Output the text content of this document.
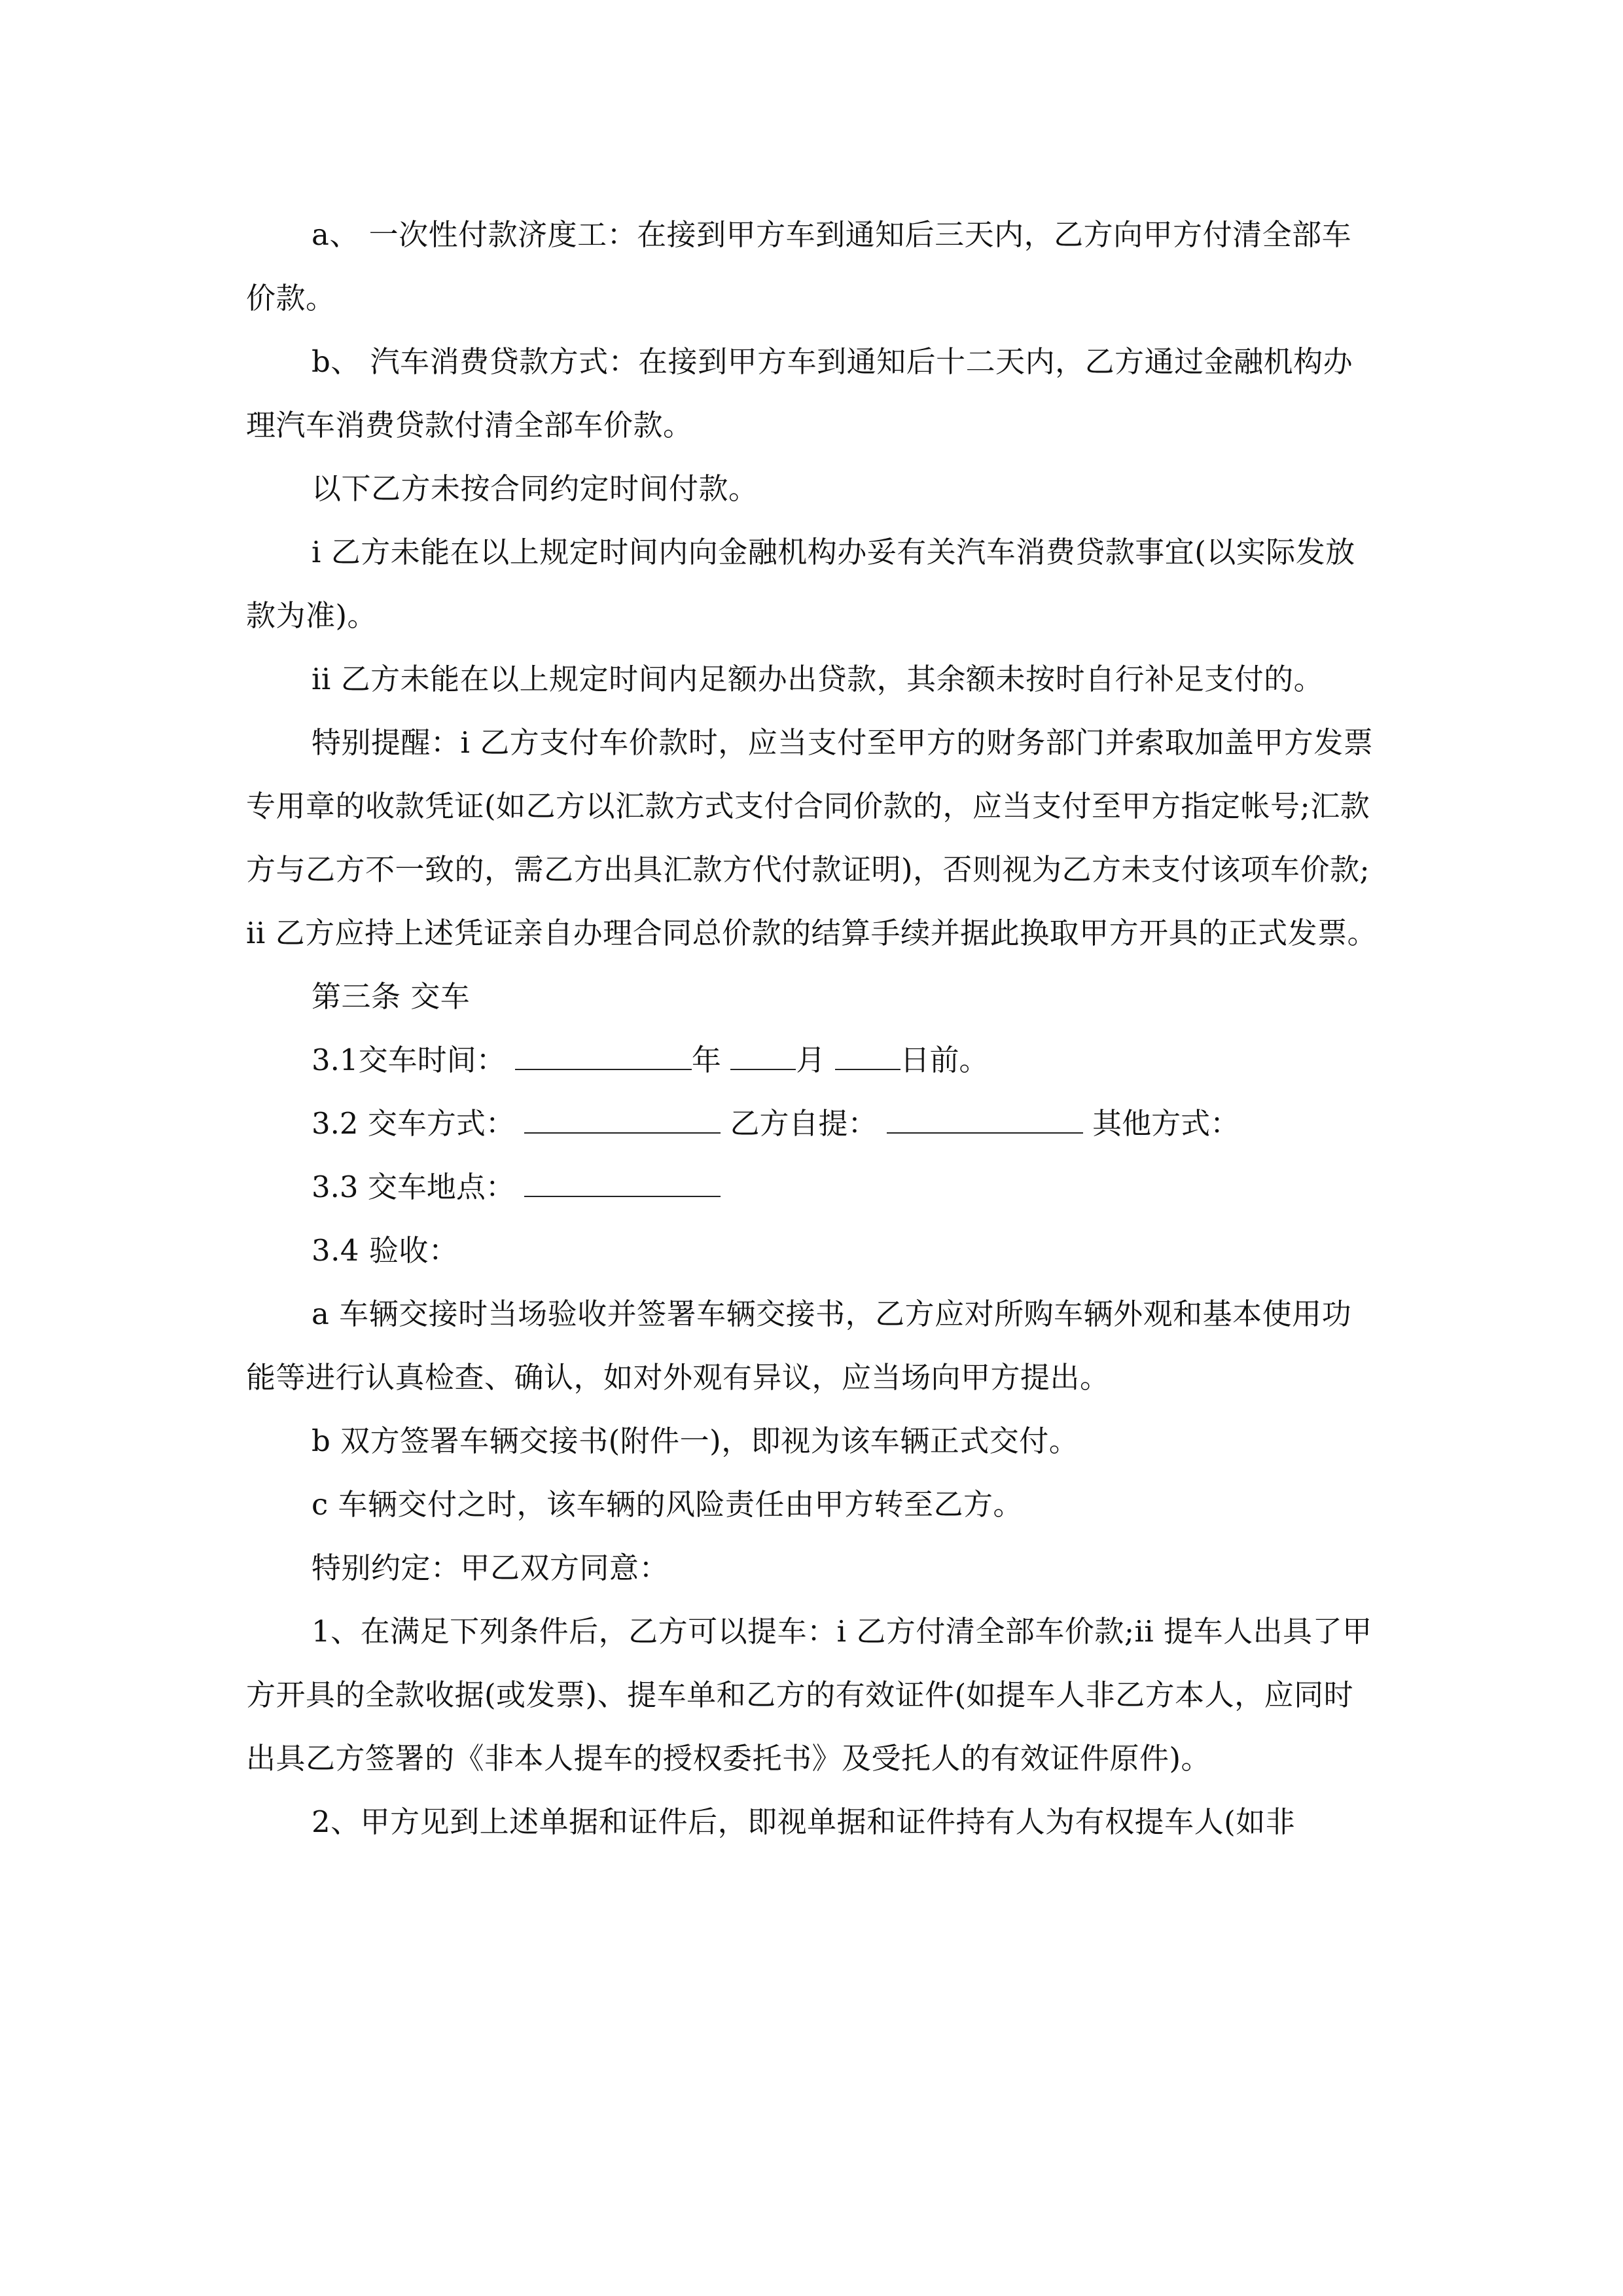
a、 一次性付款济度工：在接到甲方车到通知后三天内，乙方向甲方付清全部车价款。

b、 汽车消费贷款方式：在接到甲方车到通知后十二天内，乙方通过金融机构办理汽车消费贷款付清全部车价款。

以下乙方未按合同约定时间付款。

i 乙方未能在以上规定时间内向金融机构办妥有关汽车消费贷款事宜(以实际发放款为准)。

ii 乙方未能在以上规定时间内足额办出贷款，其余额未按时自行补足支付的。

特别提醒：i 乙方支付车价款时，应当支付至甲方的财务部门并索取加盖甲方发票专用章的收款凭证(如乙方以汇款方式支付合同价款的，应当支付至甲方指定帐号;汇款方与乙方不一致的，需乙方出具汇款方代付款证明)，否则视为乙方未支付该项车价款;ii 乙方应持上述凭证亲自办理合同总价款的结算手续并据此换取甲方开具的正式发票。

第三条 交车

3.1交车时间：	年	月	日前。

3.2 交车方式：	乙方自提：	其他方式：

3.3 交车地点：

3.4 验收：

a 车辆交接时当场验收并签署车辆交接书，乙方应对所购车辆外观和基本使用功能等进行认真检查、确认，如对外观有异议，应当场向甲方提出。

b 双方签署车辆交接书(附件一)，即视为该车辆正式交付。

c 车辆交付之时，该车辆的风险责任由甲方转至乙方。

特别约定：甲乙双方同意：

1、在满足下列条件后，乙方可以提车：i 乙方付清全部车价款;ii 提车人出具了甲方开具的全款收据(或发票)、提车单和乙方的有效证件(如提车人非乙方本人，应同时出具乙方签署的《非本人提车的授权委托书》及受托人的有效证件原件)。

2、甲方见到上述单据和证件后，即视单据和证件持有人为有权提车人(如非
